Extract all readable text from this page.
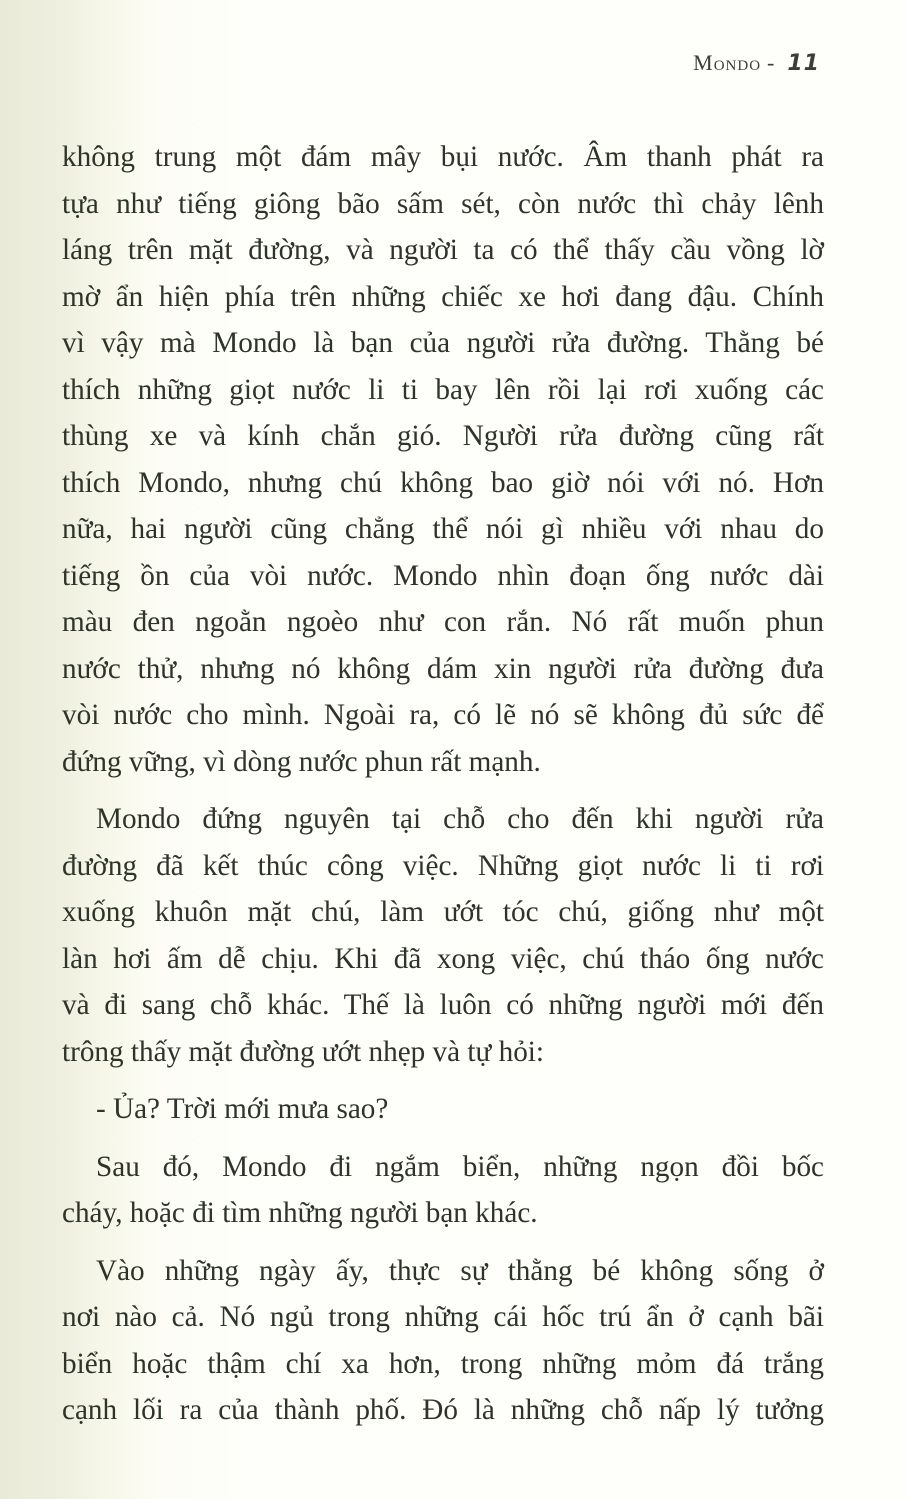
Mondo - 11

không trung một đám mây bụi nước. Âm thanh phát ra

tựa như tiếng giông bão sấm sét, còn nước thì chảy lênh

láng trên mặt đường, và người ta có thể thấy cầu vồng lờ

mờ ẩn hiện phía trên những chiếc xe hơi đang đậu. Chính

vì vậy mà Mondo là bạn của người rửa đường. Thằng bé

thích những giọt nước li ti bay lên rồi lại rơi xuống các

thùng xe và kính chắn gió. Người rửa đường cũng rất

thích Mondo, nhưng chú không bao giờ nói với nó. Hơn

nữa, hai người cũng chẳng thể nói gì nhiều với nhau do

tiếng ồn của vòi nước. Mondo nhìn đoạn ống nước dài

màu đen ngoằn ngoèo như con rắn. Nó rất muốn phun

nước thử, nhưng nó không dám xin người rửa đường đưa

vòi nước cho mình. Ngoài ra, có lẽ nó sẽ không đủ sức để

đứng vững, vì dòng nước phun rất mạnh.

Mondo đứng nguyên tại chỗ cho đến khi người rửa

đường đã kết thúc công việc. Những giọt nước li ti rơi

xuống khuôn mặt chú, làm ướt tóc chú, giống như một

làn hơi ấm dễ chịu. Khi đã xong việc, chú tháo ống nước

và đi sang chỗ khác. Thế là luôn có những người mới đến

trông thấy mặt đường ướt nhẹp và tự hỏi:

- Ủa? Trời mới mưa sao?

Sau đó, Mondo đi ngắm biển, những ngọn đồi bốc

cháy, hoặc đi tìm những người bạn khác.

Vào những ngày ấy, thực sự thằng bé không sống ở

nơi nào cả. Nó ngủ trong những cái hốc trú ẩn ở cạnh bãi

biển hoặc thậm chí xa hơn, trong những mỏm đá trắng

cạnh lối ra của thành phố. Đó là những chỗ nấp lý tưởng
